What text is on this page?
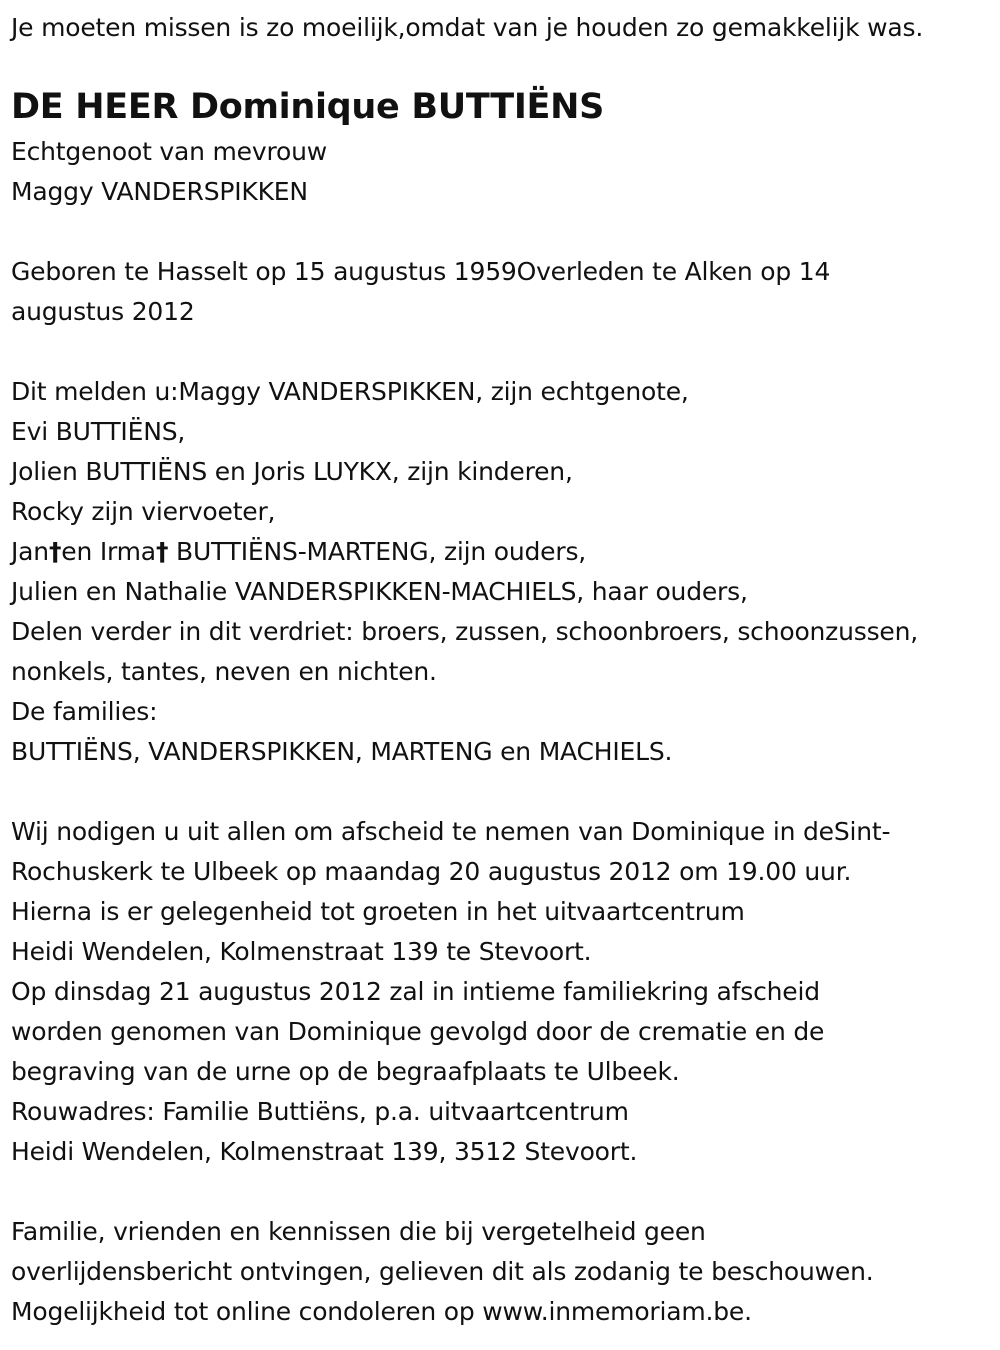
Je moeten missen is zo moeilijk,omdat van je houden zo gemakkelijk was.
DE HEER Dominique BUTTIËNS
Echtgenoot van mevrouw
Maggy VANDERSPIKKEN
Geboren te Hasselt op 15 augustus 1959Overleden te Alken op 14
augustus 2012
Dit melden u:Maggy VANDERSPIKKEN, zijn echtgenote,
Evi BUTTIËNS,
Jolien BUTTIËNS en Joris LUYKX, zijn kinderen,
Rocky zijn viervoeter,
Jan†en Irma† BUTTIËNS-MARTENG, zijn ouders,
Julien en Nathalie VANDERSPIKKEN-MACHIELS, haar ouders,
Delen verder in dit verdriet: broers, zussen, schoonbroers, schoonzussen,
nonkels, tantes, neven en nichten.
De families:
BUTTIËNS, VANDERSPIKKEN, MARTENG en MACHIELS.
Wij nodigen u uit allen om afscheid te nemen van Dominique in deSint-
Rochuskerk te Ulbeek op maandag 20 augustus 2012 om 19.00 uur.
Hierna is er gelegenheid tot groeten in het uitvaartcentrum
Heidi Wendelen, Kolmenstraat 139 te Stevoort.
Op dinsdag 21 augustus 2012 zal in intieme familiekring afscheid
worden genomen van Dominique gevolgd door de crematie en de
begraving van de urne op de begraafplaats te Ulbeek.
Rouwadres: Familie Buttiëns, p.a. uitvaartcentrum
Heidi Wendelen, Kolmenstraat 139, 3512 Stevoort.
Familie, vrienden en kennissen die bij vergetelheid geen
overlijdensbericht ontvingen, gelieven dit als zodanig te beschouwen.
Mogelijkheid tot online condoleren op www.inmemoriam.be.
